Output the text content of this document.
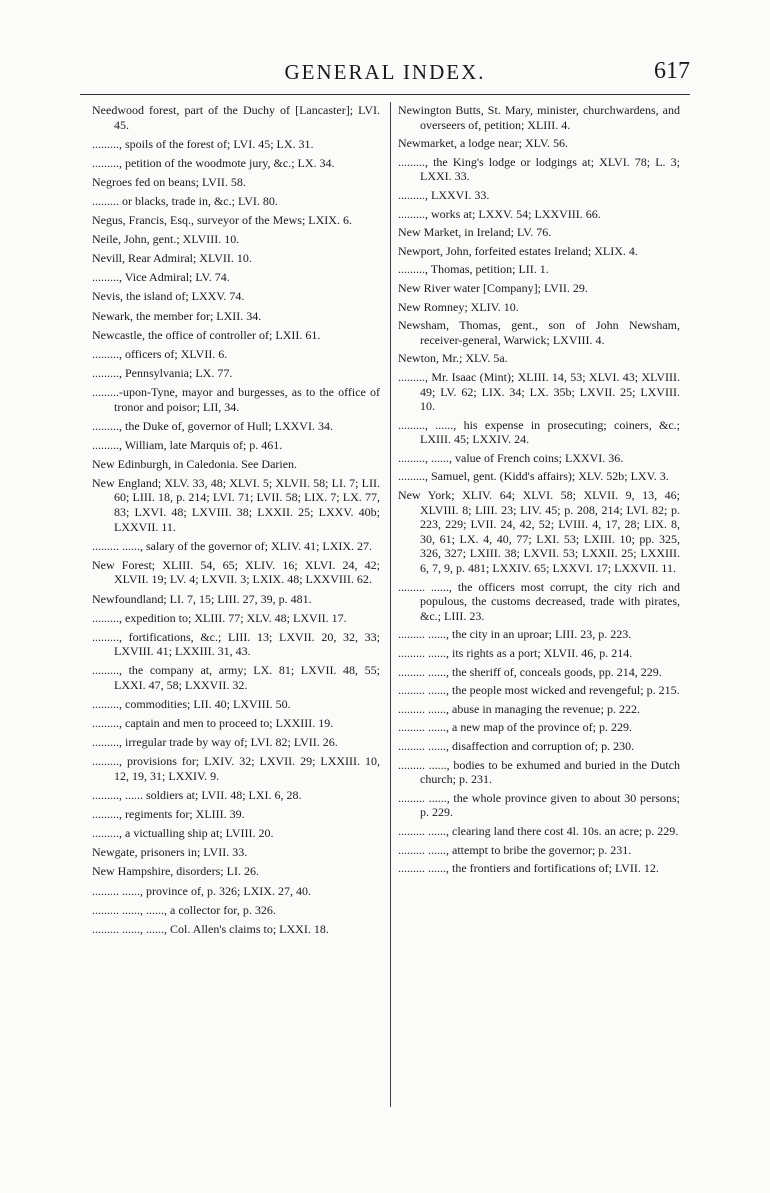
GENERAL INDEX.	617

Needwood forest, part of the Duchy of [Lancaster]; LVI. 45.

........., spoils of the forest of; LVI. 45; LX. 31.

........., petition of the woodmote jury, &c.; LX. 34.

Negroes fed on beans; LVII. 58.

......... or blacks, trade in, &c.; LVI. 80.

Negus, Francis, Esq., surveyor of the Mews; LXIX. 6.

Neile, John, gent.; XLVIII. 10.

Nevill, Rear Admiral; XLVII. 10.

........., Vice Admiral; LV. 74.

Nevis, the island of; LXXV. 74.

Newark, the member for; LXII. 34.

Newcastle, the office of controller of; LXII. 61.

........., officers of; XLVII. 6.

........., Pennsylvania; LX. 77.

.........-upon-Tyne, mayor and burgesses, as to the office of tronor and poisor; LII, 34.

........., the Duke of, governor of Hull; LXXVI. 34.

........., William, late Marquis of; p. 461.

New Edinburgh, in Caledonia. See Darien.

New England; XLV. 33, 48; XLVI. 5; XLVII. 58; LI. 7; LII. 60; LIII. 18, p. 214; LVI. 71; LVII. 58; LIX. 7; LX. 77, 83; LXVI. 48; LXVIII. 38; LXXII. 25; LXXV. 40b; LXXVII. 11.

......... ......, salary of the governor of; XLIV. 41; LXIX. 27.

New Forest; XLIII. 54, 65; XLIV. 16; XLVI. 24, 42; XLVII. 19; LV. 4; LXVII. 3; LXIX. 48; LXXVIII. 62.

Newfoundland; LI. 7, 15; LIII. 27, 39, p. 481.

........., expedition to; XLIII. 77; XLV. 48; LXVII. 17.

........., fortifications, &c.; LIII. 13; LXVII. 20, 32, 33; LXVIII. 41; LXXIII. 31, 43.

........., the company at, army; LX. 81; LXVII. 48, 55; LXXI. 47, 58; LXXVII. 32.

........., commodities; LII. 40; LXVIII. 50.

........., captain and men to proceed to; LXXIII. 19.

........., irregular trade by way of; LVI. 82; LVII. 26.

........., provisions for; LXIV. 32; LXVII. 29; LXXIII. 10, 12, 19, 31; LXXIV. 9.

........., ...... soldiers at; LVII. 48; LXI. 6, 28.

........., regiments for; XLIII. 39.

........., a victualling ship at; LVIII. 20.

Newgate, prisoners in; LVII. 33.

New Hampshire, disorders; LI. 26.

......... ......, province of, p. 326; LXIX. 27, 40.

......... ......, ......, a collector for, p. 326.

......... ......, ......, Col. Allen's claims to; LXXI. 18.

Newington Butts, St. Mary, minister, churchwardens, and overseers of, petition; XLIII. 4.

Newmarket, a lodge near; XLV. 56.

........., the King's lodge or lodgings at; XLVI. 78; L. 3; LXXI. 33.

........., LXXVI. 33.

........., works at; LXXV. 54; LXXVIII. 66.

New Market, in Ireland; LV. 76.

Newport, John, forfeited estates Ireland; XLIX. 4.

........., Thomas, petition; LII. 1.

New River water [Company]; LVII. 29.

New Romney; XLIV. 10.

Newsham, Thomas, gent., son of John Newsham, receiver-general, Warwick; LXVIII. 4.

Newton, Mr.; XLV. 5a.

........., Mr. Isaac (Mint); XLIII. 14, 53; XLVI. 43; XLVIII. 49; LV. 62; LIX. 34; LX. 35b; LXVII. 25; LXVIII. 10.

........., ......, his expense in prosecuting; coiners, &c.; LXIII. 45; LXXIV. 24.

........., ......, value of French coins; LXXVI. 36.

........., Samuel, gent. (Kidd's affairs); XLV. 52b; LXV. 3.

New York; XLIV. 64; XLVI. 58; XLVII. 9, 13, 46; XLVIII. 8; LIII. 23; LIV. 45; p. 208, 214; LVI. 82; p. 223, 229; LVII. 24, 42, 52; LVIII. 4, 17, 28; LIX. 8, 30, 61; LX. 4, 40, 77; LXI. 53; LXIII. 10; pp. 325, 326, 327; LXIII. 38; LXVII. 53; LXXII. 25; LXXIII. 6, 7, 9, p. 481; LXXIV. 65; LXXVI. 17; LXXVII. 11.

......... ......, the officers most corrupt, the city rich and populous, the customs decreased, trade with pirates, &c.; LIII. 23.

......... ......, the city in an uproar; LIII. 23, p. 223.

......... ......, its rights as a port; XLVII. 46, p. 214.

......... ......, the sheriff of, conceals goods, pp. 214, 229.

......... ......, the people most wicked and revengeful; p. 215.

......... ......, abuse in managing the revenue; p. 222.

......... ......, a new map of the province of; p. 229.

......... ......, disaffection and corruption of; p. 230.

......... ......, bodies to be exhumed and buried in the Dutch church; p. 231.

......... ......, the whole province given to about 30 persons; p. 229.

......... ......, clearing land there cost 4l. 10s. an acre; p. 229.

......... ......, attempt to bribe the governor; p. 231.

......... ......, the frontiers and fortifications of; LVII. 12.
